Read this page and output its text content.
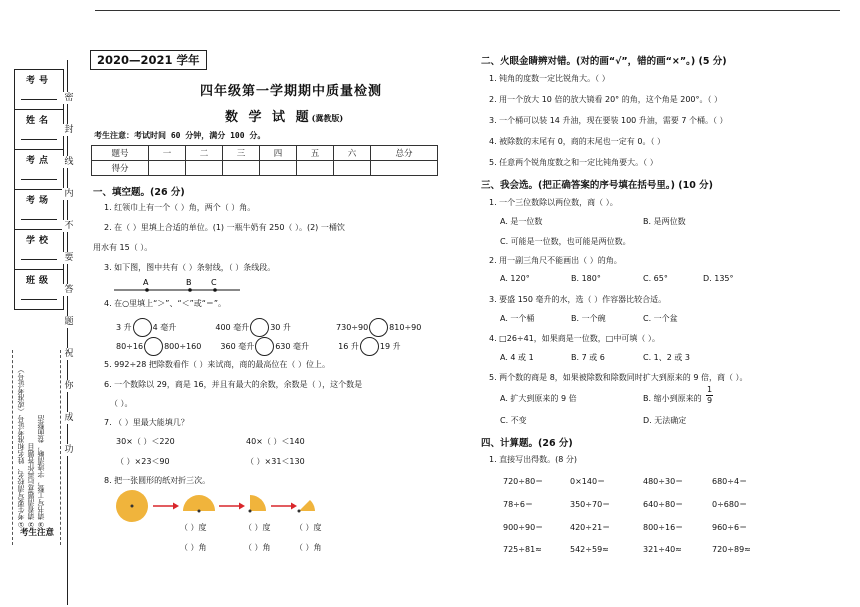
考号
姓名
考点
考场
学校
班级
密
封
线
内
不
要
答
题
祝
你
成
功
①考生要写清校名、姓名和准考证号（或准考证号） ②请看清题意后再作答题目 ③请书写工整，字迹清晰，卷面整洁
考生注意
2020—2021 学年
四年级第一学期期中质量检测
数 学 试 题(冀教版)
考生注意：考试时间 60 分钟，满分 100 分。
题号	一	二	三	四	五	六	总分
得分							
一、填空题。(26 分)
1. 红领巾上有一个（ ）角，两个（ ）角。
2. 在（ ）里填上合适的单位。(1) 一瓶牛奶有 250（ ）。(2) 一桶饮
用水有 15（ ）。
3. 如下图，图中共有（ ）条射线，（ ）条线段。
A	B C
4. 在○里填上“＞”、“＜”或“＝”。
3 升	4 毫升	400 毫升	30 升	730÷90	810÷90
80÷16	800÷160 360 毫升	630 毫升	16 升	19 升
5. 992÷28 把除数看作（ ）来试商，商的最高位在（ ）位上。
6. 一个数除以 29，商是 16，并且有最大的余数，余数是（ ），这个数是
（ ）。
7. （ ）里最大能填几？
30×（ ）＜220	40×（ ）＜140
（ ）×23＜90	（ ）×31＜130
8. 把一张圆形的纸对折三次。
（ ）度	（ ）度	（ ）度
（ ）角	（ ）角	（ ）角
二、火眼金睛辨对错。(对的画“√”，错的画“×”。) (5 分)
1. 钝角的度数一定比锐角大。（ ）
2. 用一个放大 10 倍的放大镜看 20° 的角，这个角是 200°。（ ）
3. 一个桶可以装 14 升油，现在要装 100 升油，需要 7 个桶。（ ）
4. 被除数的末尾有 0，商的末尾也一定有 0。（ ）
5. 任意两个锐角度数之和一定比钝角要大。（ ）
三、我会选。(把正确答案的序号填在括号里。) (10 分)
1. 一个三位数除以两位数，商（ ）。
A. 是一位数	B. 是两位数
C. 可能是一位数，也可能是两位数。
2. 用一副三角尺不能画出（ ）的角。
A. 120°	B. 180°	C. 65°	D. 135°
3. 要盛 150 毫升的水，选（ ）作容器比较合适。
A. 一个桶	B. 一个碗	C. 一个盆
4. □26÷41，如果商是一位数，□中可填（ ）。
A. 4 或 1	B. 7 或 6	C. 1、2 或 3
5. 两个数的商是 8，如果被除数和除数同时扩大到原来的 9 倍，商（ ）。
A. 扩大到原来的 9 倍	B. 缩小到原来的
1
9
C. 不变	D. 无法确定
四、计算题。(26 分)
1. 直接写出得数。(8 分)
720÷80＝	0×140＝	480÷30＝	680÷4＝
78÷6＝	350÷70＝	640÷80＝	0÷680＝
900÷90＝	420÷21＝	800÷16＝	960÷6＝
725÷81≈	542÷59≈	321÷40≈	720÷89≈
